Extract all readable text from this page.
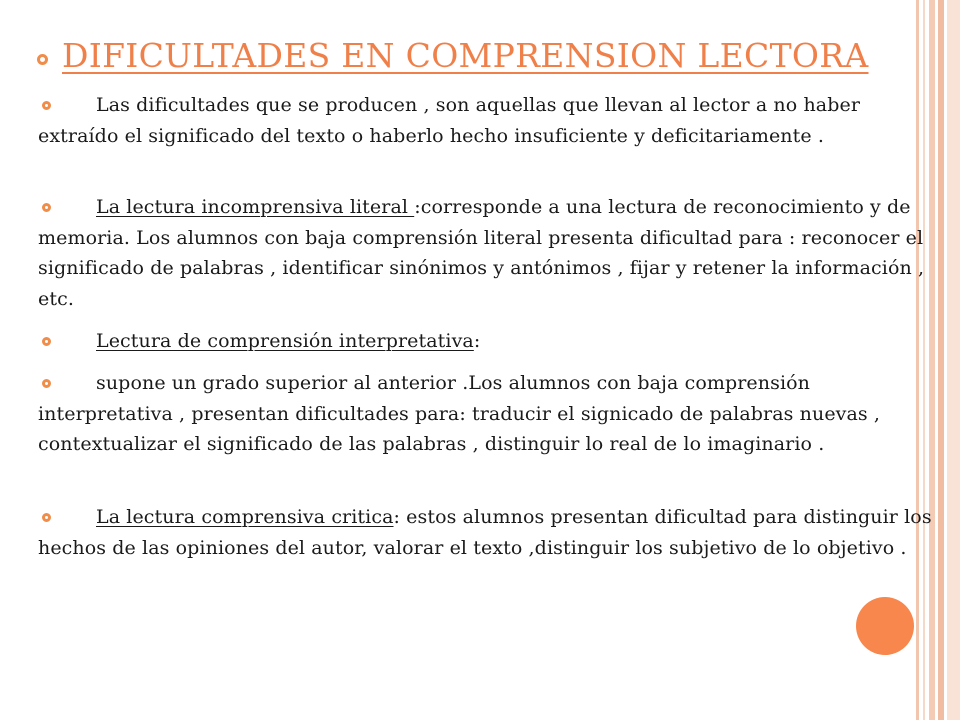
DIFICULTADES EN COMPRENSION LECTORA
Las dificultades que se producen , son aquellas que llevan al lector a no haber extraído el significado del texto o haberlo hecho insuficiente y deficitariamente .
La lectura incomprensiva literal :corresponde a una lectura de reconocimiento y de memoria. Los alumnos con baja comprensión literal presenta dificultad para : reconocer el significado de palabras , identificar sinónimos y antónimos , fijar y retener la información , etc.
Lectura de comprensión interpretativa:
supone un grado superior al anterior .Los alumnos con baja comprensión interpretativa , presentan dificultades para: traducir el signicado de palabras nuevas , contextualizar el significado de las palabras , distinguir lo real de lo imaginario .
La lectura comprensiva critica: estos alumnos presentan dificultad para distinguir los hechos de las opiniones del autor, valorar el texto ,distinguir los subjetivo de lo objetivo .
